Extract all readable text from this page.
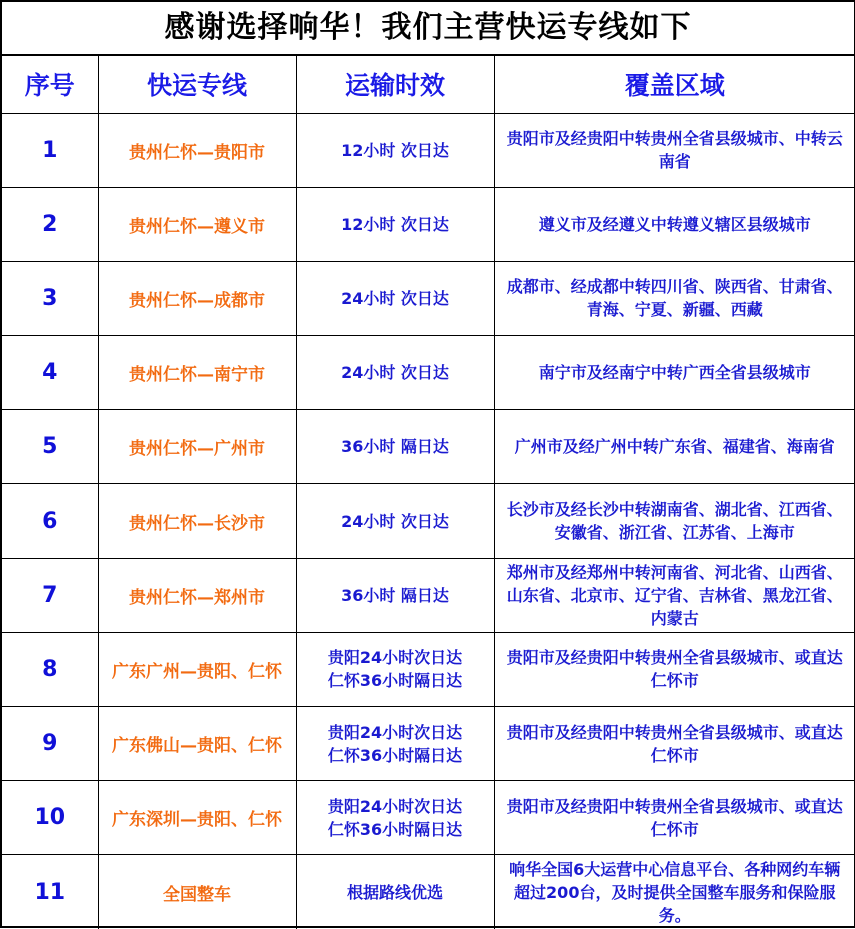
感谢选择响华！我们主营快运专线如下
序号	快运专线	运输时效	覆盖区域
1	贵州仁怀—贵阳市	12小时 次日达	贵阳市及经贵阳中转贵州全省县级城市、中转云南省
2	贵州仁怀—遵义市	12小时 次日达	遵义市及经遵义中转遵义辖区县级城市
3	贵州仁怀—成都市	24小时 次日达	成都市、经成都中转四川省、陕西省、甘肃省、青海、宁夏、新疆、西藏
4	贵州仁怀—南宁市	24小时 次日达	南宁市及经南宁中转广西全省县级城市
5	贵州仁怀—广州市	36小时 隔日达	广州市及经广州中转广东省、福建省、海南省
6	贵州仁怀—长沙市	24小时 次日达	长沙市及经长沙中转湖南省、湖北省、江西省、安徽省、浙江省、江苏省、上海市
7	贵州仁怀—郑州市	36小时 隔日达	郑州市及经郑州中转河南省、河北省、山西省、山东省、北京市、辽宁省、吉林省、黑龙江省、内蒙古
8	广东广州—贵阳、仁怀	贵阳24小时次日达
仁怀36小时隔日达	贵阳市及经贵阳中转贵州全省县级城市、或直达仁怀市
9	广东佛山—贵阳、仁怀	贵阳24小时次日达
仁怀36小时隔日达	贵阳市及经贵阳中转贵州全省县级城市、或直达仁怀市
10	广东深圳—贵阳、仁怀	贵阳24小时次日达
仁怀36小时隔日达	贵阳市及经贵阳中转贵州全省县级城市、或直达仁怀市
11	全国整车	根据路线优选	响华全国6大运营中心信息平台、各种网约车辆超过200台，及时提供全国整车服务和保险服务。
